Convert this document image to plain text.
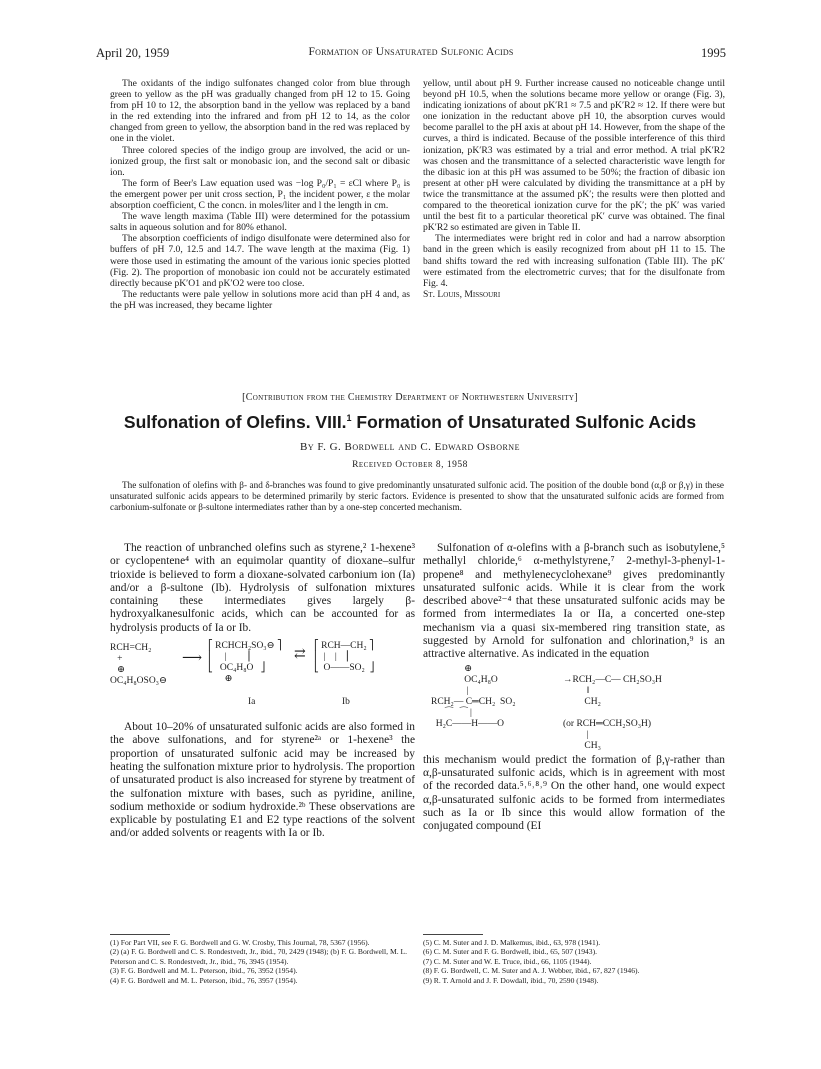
April 20, 1959	Formation of Unsaturated Sulfonic Acids	1995

The oxidants of the indigo sulfonates changed color from blue through green to yellow as the pH was gradually changed from pH 12 to 15. Going from pH 10 to 12, the absorption band in the yellow was replaced by a band in the red extending into the infrared and from pH 12 to 14, as the color changed from green to yellow, the absorption band in the red was replaced by one in the violet.

Three colored species of the indigo group are involved, the acid or un-ionized group, the first salt or monobasic ion, and the second salt or dibasic ion.

The form of Beer's Law equation used was −log P₀/P₁ = εCl where P₀ is the emergent power per unit cross section, P₁ the incident power, ε the molar absorption coefficient, C the concn. in moles/liter and l the length in cm.

The wave length maxima (Table III) were determined for the potassium salts in aqueous solution and for 80% ethanol.

The absorption coefficients of indigo disulfonate were determined also for buffers of pH 7.0, 12.5 and 14.7. The wave length at the maxima (Fig. 1) were those used in estimating the amount of the various ionic species plotted (Fig. 2). The proportion of monobasic ion could not be accurately estimated directly because pK′O1 and pK′O2 were too close.

The reductants were pale yellow in solutions more acid than pH 4 and, as the pH was increased, they became lighter

yellow, until about pH 9. Further increase caused no noticeable change until beyond pH 10.5, when the solutions became more yellow or orange (Fig. 3), indicating ionizations of about pK′R1 ≈ 7.5 and pK′R2 ≈ 12. If there were but one ionization in the reductant above pH 10, the absorption curves would become parallel to the pH axis at about pH 14. However, from the shape of the curves, a third is indicated. Because of the possible interference of this third ionization, pK′R3 was estimated by a trial and error method. A trial pK′R2 was chosen and the transmittance of a selected characteristic wave length for the dibasic ion at this pH was assumed to be 50%; the fraction of dibasic ion present at other pH were calculated by dividing the transmittance at a pH by twice the transmittance at the assumed pK′; the results were then plotted and compared to the theoretical ionization curve for the pK′; the pK′ was varied until the best fit to a particular theoretical pK′ curve was obtained. The final pK′R2 so estimated are given in Table II.

The intermediates were bright red in color and had a narrow absorption band in the green which is easily recognized from about pH 11 to 15. The band shifts toward the red with increasing sulfonation (Table III). The pK′ were estimated from the electrometric curves; that for the disulfonate from Fig. 4.

St. Louis, Missouri

[Contribution from the Chemistry Department of Northwestern University]
Sulfonation of Olefins. VIII.$^1$ Formation of Unsaturated Sulfonic Acids
By F. G. Bordwell and C. Edward Osborne
Received October 8, 1958

The sulfonation of olefins with β- and δ-branches was found to give predominantly unsaturated sulfonic acid. The position of the double bond (α,β or β,γ) in these unsaturated sulfonic acids appears to be determined primarily by steric factors. Evidence is presented to show that the unsaturated sulfonic acids are formed from carbonium-sulfonate or β-sultone intermediates rather than by a one-step concerted mechanism.

The reaction of unbranched olefins such as styrene,² 1-hexene³ or cyclopentene⁴ with an equimolar quantity of dioxane–sulfur trioxide is believed to form a dioxane-solvated carbonium ion (Ia) and/or a β-sultone (Ib). Hydrolysis of sulfonation mixtures containing these intermediates gives largely β-hydroxyalkanesulfonic acids, which can be accounted for as hydrolysis products of Ia or Ib.

RCH=CH₂
+
⊕
OC₄H₈OSO₃⊖
⟶
⎡ RCHCH₂SO₃⊖ ⎤
⎢     |        ⎥
⎣   OC₄H₈O   ⎦
⊕
⇄
⎡ RCH—CH₂ ⎤
⎢  |    |   ⎥
⎣  O——SO₂  ⎦
Ia	Ib

About 10–20% of unsaturated sulfonic acids are also formed in the above sulfonations, and for styrene²ᵃ or 1-hexene³ the proportion of unsaturated sulfonic acid may be increased by heating the sulfonation mixture prior to hydrolysis. The proportion of unsaturated product is also increased for styrene by treatment of the sulfonation mixture with bases, such as pyridine, aniline, sodium methoxide or sodium hydroxide.²ᵇ These observations are explicable by postulating E1 and E2 type reactions of the solvent and/or added solvents or reagents with Ia or Ib.

Sulfonation of α-olefins with a β-branch such as isobutylene,⁵ methallyl chloride,⁶ α-methylstyrene,⁷ 2-methyl-3-phenyl-1-propene⁸ and methylenecyclohexane⁹ gives predominantly unsaturated sulfonic acids. While it is clear from the work described above²⁻⁴ that these unsaturated sulfonic acids may be formed from intermediates Ia or IIa, a concerted one-step mechanism via a quasi six-membered ring transition state, as suggested by Arnold for sulfonation and chlorination,⁹ is an attractive alternative. As indicated in the equation

⊕
OC₄H₈O
|
RCH₂— C═CH₂  SO₂
⁀   ⁀ |
H₂C——H——O
→RCH₂—C— CH₂SO₃H
‖
CH₂

(or RCH═CCH₂SO₃H)
|
CH₃

this mechanism would predict the formation of β,γ-rather than α,β-unsaturated sulfonic acids, which is in agreement with most of the recorded data.⁵˒⁶˒⁸˒⁹ On the other hand, one would expect α,β-unsaturated sulfonic acids to be formed from intermediates such as Ia or Ib since this would allow formation of the conjugated compound (EI

(1) For Part VII, see F. G. Bordwell and G. W. Crosby, This Journal, 78, 5367 (1956).
(2) (a) F. G. Bordwell and C. S. Rondestvedt, Jr., ibid., 70, 2429 (1948); (b) F. G. Bordwell, M. L. Peterson and C. S. Rondestvedt, Jr., ibid., 76, 3945 (1954).
(3) F. G. Bordwell and M. L. Peterson, ibid., 76, 3952 (1954).
(4) F. G. Bordwell and M. L. Peterson, ibid., 76, 3957 (1954).
(5) C. M. Suter and J. D. Malkemus, ibid., 63, 978 (1941).
(6) C. M. Suter and F. G. Bordwell, ibid., 65, 507 (1943).
(7) C. M. Suter and W. E. Truce, ibid., 66, 1105 (1944).
(8) F. G. Bordwell, C. M. Suter and A. J. Webber, ibid., 67, 827 (1946).
(9) R. T. Arnold and J. F. Dowdall, ibid., 70, 2590 (1948).
